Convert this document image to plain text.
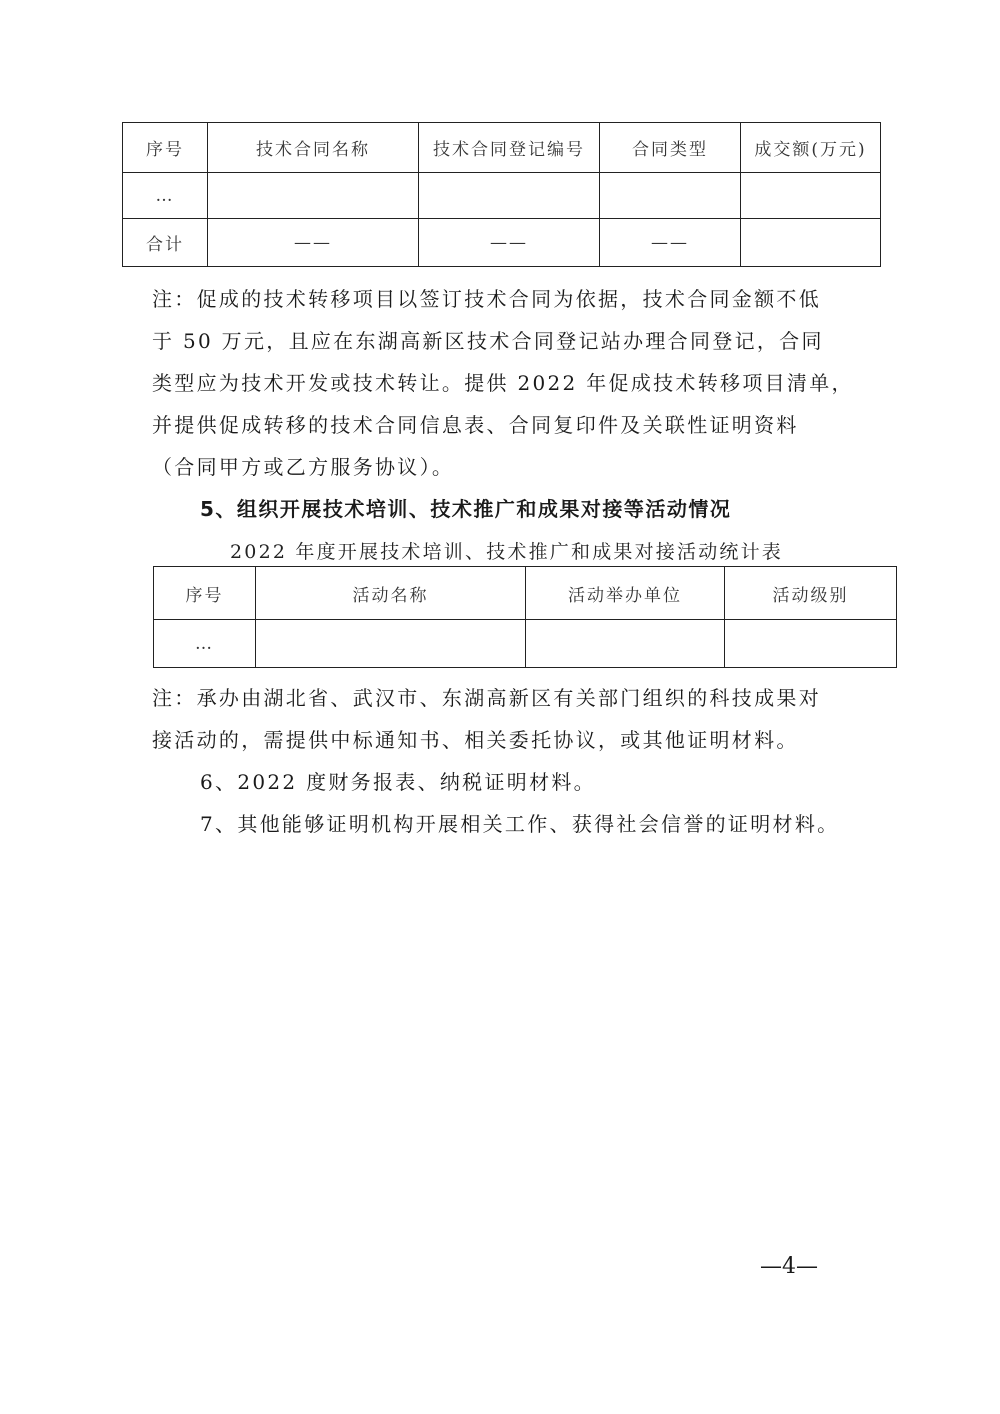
序号	技术合同名称	技术合同登记编号	合同类型	成交额(万元)
…				
合计	——	——	——	
注：促成的技术转移项目以签订技术合同为依据，技术合同金额不低
于 50 万元，且应在东湖高新区技术合同登记站办理合同登记，合同
类型应为技术开发或技术转让。提供 2022 年促成技术转移项目清单，
并提供促成转移的技术合同信息表、合同复印件及关联性证明资料
（合同甲方或乙方服务协议）。
5、组织开展技术培训、技术推广和成果对接等活动情况
2022 年度开展技术培训、技术推广和成果对接活动统计表
序号	活动名称	活动举办单位	活动级别
…			
注：承办由湖北省、武汉市、东湖高新区有关部门组织的科技成果对
接活动的，需提供中标通知书、相关委托协议，或其他证明材料。
6、2022 度财务报表、纳税证明材料。
7、其他能够证明机构开展相关工作、获得社会信誉的证明材料。
—4—
